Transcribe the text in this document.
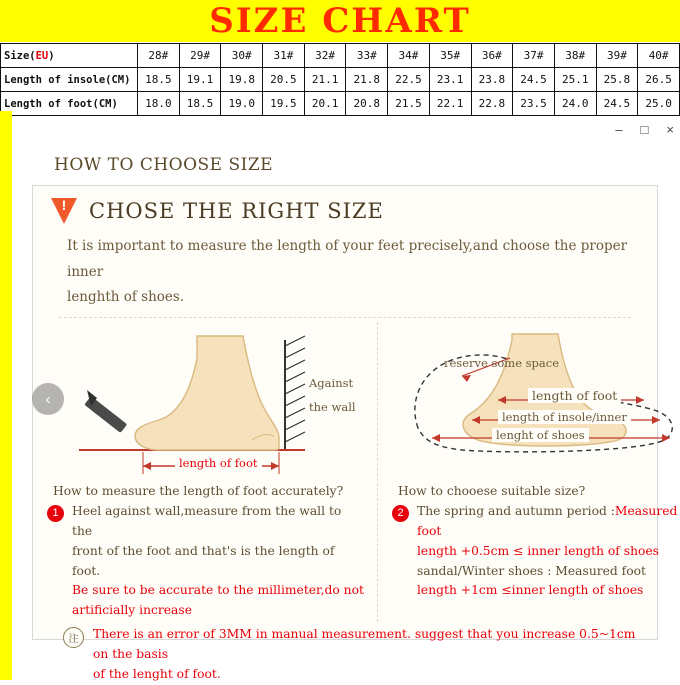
SIZE CHART
Size(EU)	28#	29#	30#	31#	32#	33#	34#	35#	36#	37#	38#	39#	40#
Length of insole(CM)	18.5	19.1	19.8	20.5	21.1	21.8	22.5	23.1	23.8	24.5	25.1	25.8	26.5
Length of foot(CM)	18.0	18.5	19.0	19.5	20.1	20.8	21.5	22.1	22.8	23.5	24.0	24.5	25.0
– □ ×
HOW TO CHOOSE SIZE
!
CHOSE THE RIGHT SIZE
It is important to measure the length of your feet precisely,and choose the proper inner
lenghth of shoes.
Against
the wall
length of foot
How to measure the length of foot accurately?
1	Heel against wall,measure from the wall to the
front of the foot and that's is the length of foot.
Be sure to be accurate to the millimeter,do not
artificially increase
reserve some space
length of foot
length of insole/inner
lenght of shoes
How to chooese suitable size?
2	The spring and autumn period :Measured foot
length +0.5cm ≤ inner length of shoes
sandal/Winter shoes : Measured foot
length +1cm ≤inner length of shoes
注	There is an error of 3MM in manual measurement. suggest that you increase 0.5~1cm on the basis
of the lenght of foot.
‹
